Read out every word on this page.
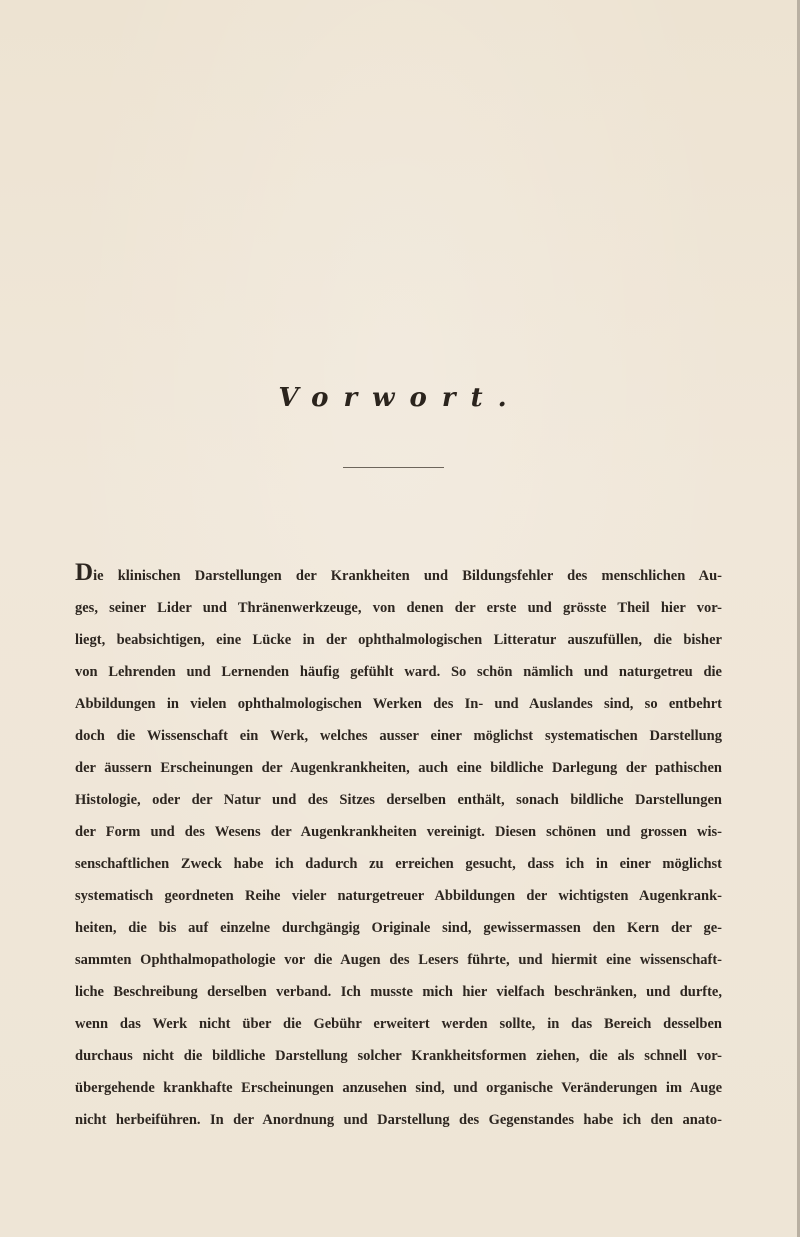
Vorwort.
Die klinischen Darstellungen der Krankheiten und Bildungsfehler des menschlichen Au-
ges, seiner Lider und Thränenwerkzeuge, von denen der erste und grösste Theil hier vor-
liegt, beabsichtigen, eine Lücke in der ophthalmologischen Litteratur auszufüllen, die bisher
von Lehrenden und Lernenden häufig gefühlt ward. So schön nämlich und naturgetreu die
Abbildungen in vielen ophthalmologischen Werken des In- und Auslandes sind, so entbehrt
doch die Wissenschaft ein Werk, welches ausser einer möglichst systematischen Darstellung
der äussern Erscheinungen der Augenkrankheiten, auch eine bildliche Darlegung der pathischen
Histologie, oder der Natur und des Sitzes derselben enthält, sonach bildliche Darstellungen
der Form und des Wesens der Augenkrankheiten vereinigt. Diesen schönen und grossen wis-
senschaftlichen Zweck habe ich dadurch zu erreichen gesucht, dass ich in einer möglichst
systematisch geordneten Reihe vieler naturgetreuer Abbildungen der wichtigsten Augenkrank-
heiten, die bis auf einzelne durchgängig Originale sind, gewissermassen den Kern der ge-
sammten Ophthalmopathologie vor die Augen des Lesers führte, und hiermit eine wissenschaft-
liche Beschreibung derselben verband. Ich musste mich hier vielfach beschränken, und durfte,
wenn das Werk nicht über die Gebühr erweitert werden sollte, in das Bereich desselben
durchaus nicht die bildliche Darstellung solcher Krankheitsformen ziehen, die als schnell vor-
übergehende krankhafte Erscheinungen anzusehen sind, und organische Veränderungen im Auge
nicht herbeiführen. In der Anordnung und Darstellung des Gegenstandes habe ich den anato-
